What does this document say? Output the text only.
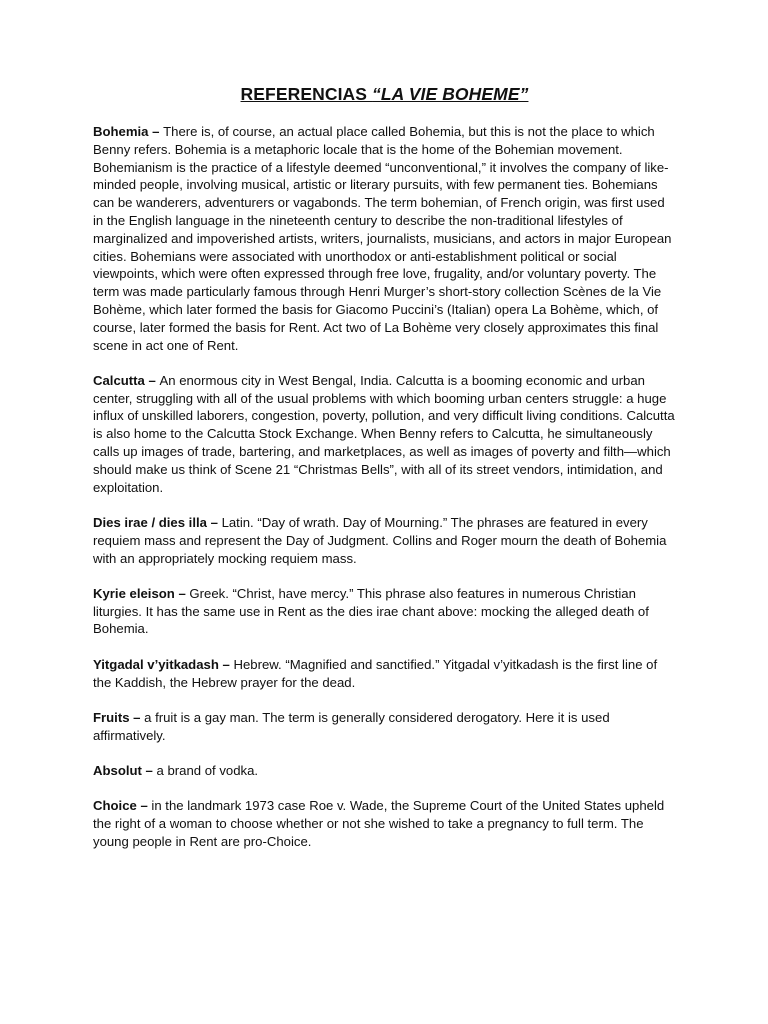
REFERENCIAS “LA VIE BOHEME”

Bohemia – There is, of course, an actual place called Bohemia, but this is not the place to which Benny refers. Bohemia is a metaphoric locale that is the home of the Bohemian movement. Bohemianism is the practice of a lifestyle deemed “unconventional,” it involves the company of like-minded people, involving musical, artistic or literary pursuits, with few permanent ties. Bohemians can be wanderers, adventurers or vagabonds. The term bohemian, of French origin, was first used in the English language in the nineteenth century to describe the non-traditional lifestyles of marginalized and impoverished artists, writers, journalists, musicians, and actors in major European cities. Bohemians were associated with unorthodox or anti-establishment political or social viewpoints, which were often expressed through free love, frugality, and/or voluntary poverty. The term was made particularly famous through Henri Murger’s short-story collection Scènes de la Vie Bohème, which later formed the basis for Giacomo Puccini’s (Italian) opera La Bohème, which, of course, later formed the basis for Rent. Act two of La Bohème very closely approximates this final scene in act one of Rent.

Calcutta – An enormous city in West Bengal, India. Calcutta is a booming economic and urban center, struggling with all of the usual problems with which booming urban centers struggle: a huge influx of unskilled laborers, congestion, poverty, pollution, and very difficult living conditions. Calcutta is also home to the Calcutta Stock Exchange. When Benny refers to Calcutta, he simultaneously calls up images of trade, bartering, and marketplaces, as well as images of poverty and filth—which should make us think of Scene 21 “Christmas Bells”, with all of its street vendors, intimidation, and exploitation.

Dies irae / dies illa – Latin. “Day of wrath. Day of Mourning.” The phrases are featured in every requiem mass and represent the Day of Judgment. Collins and Roger mourn the death of Bohemia with an appropriately mocking requiem mass.

Kyrie eleison – Greek. “Christ, have mercy.” This phrase also features in numerous Christian liturgies. It has the same use in Rent as the dies irae chant above: mocking the alleged death of Bohemia.

Yitgadal v’yitkadash – Hebrew. “Magnified and sanctified.” Yitgadal v’yitkadash is the first line of the Kaddish, the Hebrew prayer for the dead.

Fruits – a fruit is a gay man. The term is generally considered derogatory. Here it is used affirmatively.

Absolut – a brand of vodka.

Choice – in the landmark 1973 case Roe v. Wade, the Supreme Court of the United States upheld the right of a woman to choose whether or not she wished to take a pregnancy to full term. The young people in Rent are pro-Choice.
